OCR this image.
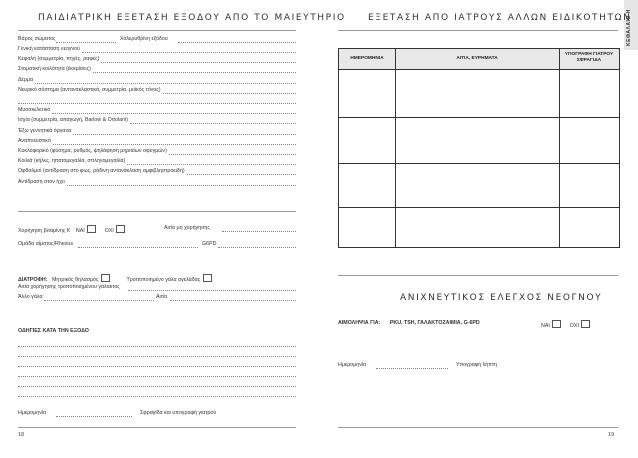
ΠΑΙΔΙΑΤΡΙΚΗ ΕΞΕΤΑΣΗ ΕΞΟΔΟΥ ΑΠΟ ΤΟ ΜΑΙΕΥΤΗΡΙΟ
Βάρος σώματος	Χολερυθρίνη εξόδου
Γενική κατάσταση νεογνού
Κεφαλή (συμμετρία, πηγές, ραφές)
Στοματική κοιλότητα (έκκρίσεις)
Δέρμα
Νευρικό σύστημα (αντανακλαστικά, συμμετρία, μυϊκός τόνος)
Μυοσκελετικό
Ισχία (συμμετρία, απαγωγή, Barlow & Ortolani)
Έξω γεννητικά όργανα
Αναπνευστικό
Κυκλοφορικό (φύσημα, ρυθμός, ψηλάφηση μηριαίων σφυγμών)
Κοιλιά (κήλες, ηπατομεγαλία, σπληνομεγαλία)
Οφθαλμοί (αντίδραση στο φως, ρόδινη αντανάκλαση αμφιβληστροειδή)
Αντίδραση στον ήχο
Χορήγηση βιταμίνης Κ ΝΑΙ	ΟΧΙ	Αιτία μη χορήγησης
Ομάδα αίματος/Rhesus	G6PD
ΔΙΑΤΡΟΦΗ: Μητρικός θηλασμός	Τροποποιημένο γάλα αγελάδας
Αιτία χορήγησης τροποποιημένου γάλακτος
Άλλο γάλα	Αιτία
ΟΔΗΓΙΕΣ ΚΑΤΑ ΤΗΝ ΕΞΟΔΟ
Ημερομηνία	Σφραγίδα και υπογραφή γιατρού
18
ΚΕΦΑΛΑΙΟ Η
ΕΞΕΤΑΣΗ ΑΠΟ ΙΑΤΡΟΥΣ ΑΛΛΩΝ ΕΙΔΙΚΟΤΗΤΩΝ
ΗΜΕΡΟΜΗΝΙΑ	ΑΙΤΙΑ, ΕΥΡΗΜΑΤΑ
ΥΠΟΓΡΑΦΗ ΓΙΑΤΡΟΥ
ΣΦΡΑΓΙΔΑ
ΑΝΙΧΝΕΥΤΙΚΟΣ ΕΛΕΓΧΟΣ ΝΕΟΓΝΟΥ
ΑΙΜΟΛΗΨΙΑ ΓΙΑ: PKU, TSH, ΓΑΛΑΚΤΟΖΑΙΜΙΑ, G-6PD	ΝΑΙ	ΟΧΙ
Ημερομηνία	Υπογραφή λήπτη
19
